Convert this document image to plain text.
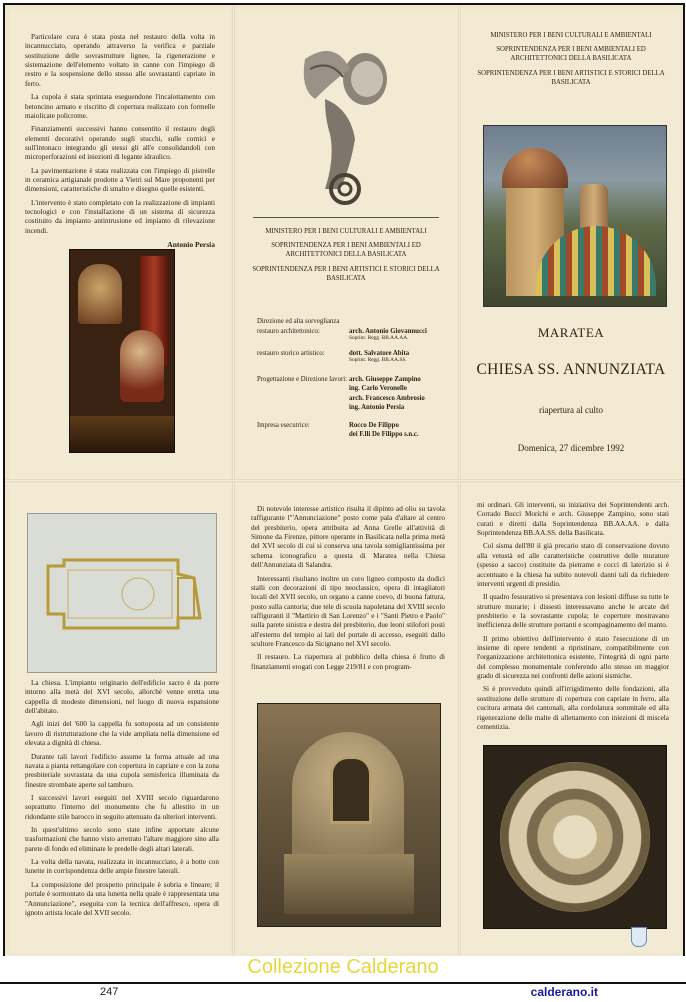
Particolare cura è stata posta nel restauro della volta in incannucciato, operando attraverso la verifica e parziale sostituzione delle sovrastrutture lignee, la rigenerazione e sistemazione dell'elemento voltato in canne con l'impiego di restro e la sospensione dello stesso alle sovrastanti capriate in ferro.

La cupola è stata sprintata eseguendone l'incalottamento con betoncino armato e riscritto di copertura realizzato con formelle maiolicate policrome.

Finanziamenti successivi hanno consentito il restauro degli elementi decorativi operando sugli stucchi, sulle cornici e sull'intonaco integrando gli stessi gli all'e consolidandoli con microperforazioni ed iniezioni di legante idraulico.

La pavimentazione è stata realizzata con l'impiego di pistrelle in ceramica artigianale prodotte a Vietri sul Mare proponenti per dimensioni, caratteristiche di smalto e disegno quelle esistenti.

L'intervento è stato completato con la realizzazione di impianti tecnologici e con l'installazione di un sistema di sicurezza costituito da impianto antintrusione ed impianto di rilevazione incendi.

Antonio Persia
MINISTERO PER I BENI CULTURALI E AMBIENTALI
SOPRINTENDENZA PER I BENI AMBIENTALI ED ARCHITETTONICI DELLA BASILICATA
SOPRINTENDENZA PER I BENI ARTISTICI E STORICI DELLA BASILICATA
Direzione ed alta sorveglianza
restauro architettonico:	arch. Antonio Giovannucci
Soprint. Regg. BB.AA.AA.
restauro storico artistico:	dott. Salvatore Abita
Soprint. Regg. BB.AA.SS.
Progettazione e Direzione lavori: arch. Giuseppe Zampino
ing. Carlo Veronelle
arch. Francesco Ambrosio
ing. Antonio Persia
Impresa esecutrice:	Rocco De Filippo
dei F.lli De Filippo s.n.c.
MINISTERO PER I BENI CULTURALI E AMBIENTALI
SOPRINTENDENZA PER I BENI AMBIENTALI ED ARCHITETTONICI DELLA BASILICATA
SOPRINTENDENZA PER I BENI ARTISTICI E STORICI DELLA BASILICATA
MARATEA
CHIESA SS. ANNUNZIATA
riapertura al culto
Domenica, 27 dicembre 1992

La chiesa. L'impianto originario dell'edificio sacro è da porre intorno alla metà del XVI secolo, allorché venne eretta una cappella di modeste dimensioni, nel luogo di nuova espansione dell'abitato.

Agli inizi del '600 la cappella fu sottoposta ad un consistente lavoro di ristrutturazione che la vide ampliata nella dimensione ed elevata a dignità di chiesa.

Durante tali lavori l'edificio assume la forma attuale ad una navata a pianta rettangolare con copertura in capriate e con la zona presbiteriale sovrastata da una cupola semisferica illuminata da finestre strombate aperte sul tamburo.

I successivi lavori eseguiti nel XVIII secolo riguardarono soprattutto l'interno del monumento che fu allestito in un ridondante stile barocco in seguito attenuato da ulteriori interventi.

In quest'ultimo secolo sono state infine apportate alcune trasformazioni che hanno visto arretrato l'altare maggiore sino alla parete di fondo ed eliminate le predelle degli altari laterali.

La volta della navata, realizzata in incannucciato, è a botte con lunette in corrispondenza delle ampie finestre laterali.

La composizione del prospetto principale è sobria e lineare; il portale è sormontato da una lunetta nella quale è rappresentata una "Annunciazione", eseguita con la tecnica dell'affresco, opera di ignoto artista locale del XVII secolo.

Di notevole interesse artistico risulta il dipinto ad olio su tavola raffigurante l'"Annunciazione" posto come pala d'altare al centro del presbiterio, opera attribuita ad Anna Grelle all'attività di Simone da Firenze, pittore operante in Basilicata nella prima metà del XVI secolo di cui si conserva una tavola somigliantissima per schema iconografico a questa di Maratea nella Chiesa dell'Annunziata di Salandra.

Interessanti risultano inoltre un coro ligneo composto da dodici stalli con decorazioni di tipo neoclassico, opera di intagliatori locali del XVII secolo, un organo a canne coevo, di buona fattura, posto sulla cantoria; due tele di scuola napoletana del XVIII secolo raffiguranti il "Martirio di San Lorenzo" e i "Santi Pietro e Paolo" sulla parete sinistra e destra del presbiterio, due leoni stilofori posti all'esterno del tempio ai lati del portale di accesso, eseguiti dallo scultore Francesco da Sicignano nel XVI secolo.

Il restauro. La riapertura al pubblico della chiesa è frutto di finanziamenti erogati con Legge 219/81 e con program-

mi ordinari. Gli interventi, su iniziativa dei Soprintendenti arch. Corrado Bucci Morichi e arch. Giuseppe Zampino, sono stati curati e diretti dalla Soprintendenza BB.AA.AA. e dalla Soprintendenza BB.AA.SS. della Basilicata.

Col sisma dell'80 il già precario stato di conservazione dovuto alla vetustà ed alle caratteristiche costruttive delle murature (spesso a sacco) costituite da pietrame e cocci di laterizio si è accentuato e la chiesa ha subito notevoli danni tali da richiedere interventi urgenti di presidio.

Il quadro fessurativo si presentava con lesioni diffuse su tutte le strutture murarie; i dissesti interessavano anche le arcate del presbiterio e la sovrastante cupola; le coperture mostravano inefficienza delle strutture portanti e scompaginamento del manto.

Il primo obiettivo dell'intervento è stato l'esecuzione di un insieme di opere tendenti a ripristinare, compatibilmente con l'organizzazione architettonica esistente, l'integrità di ogni parte del complesso monumentale conferendo allo stesso un maggior grado di sicurezza nei confronti delle azioni sismiche.

Si è provveduto quindi all'irrigidimento delle fondazioni, alla sostituzione delle strutture di copertura con capriate in ferro, alla cucitura armata dei cantonali, alla cordolatura sommitale ed alla rigenerazione delle malte di allettamento con iniezioni di miscela cementizia.

Collezione Calderano
247	calderano.it
